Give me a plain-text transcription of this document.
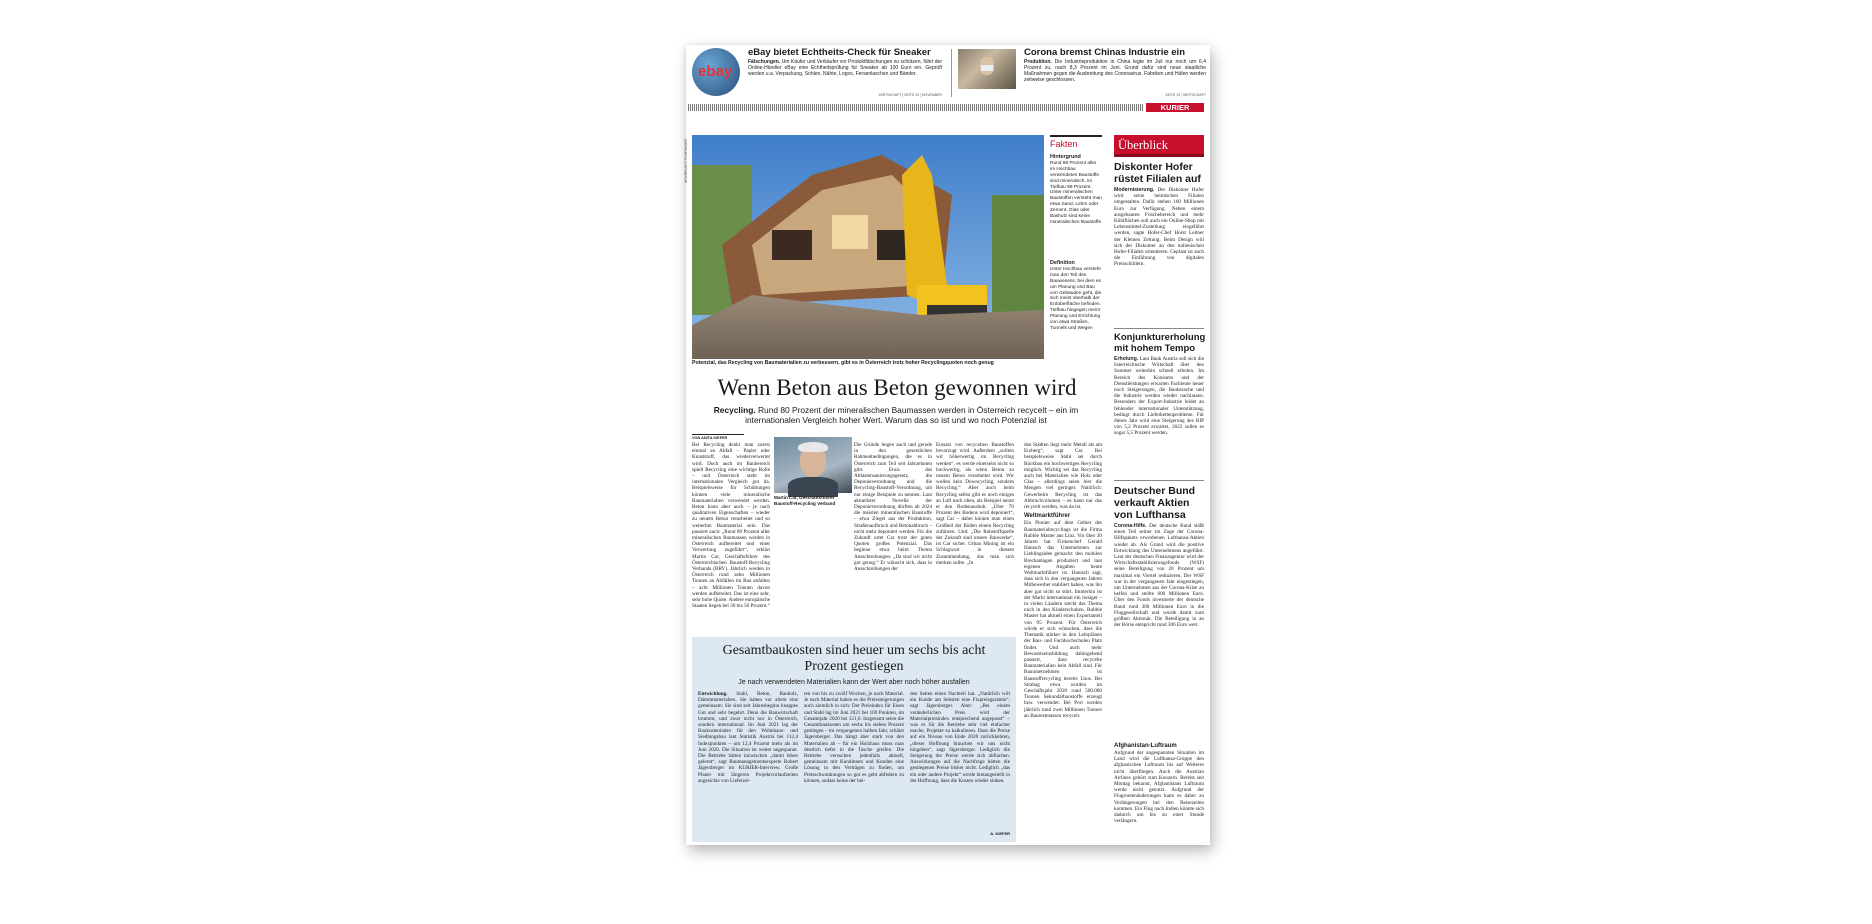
ebay
eBay bietet Echtheits-Check für Sneaker
Fälschungen. Um Käufer und Verkäufer vor Produktfälschungen zu schützen, führt der Online-Händler eBay eine Echtheitsprüfung für Sneaker ab 100 Euro ein. Geprüft werden u.a. Verpackung, Sohlen, Nähte, Logos, Fersenlaschen und Bänder.
WIRTSCHAFT | SEITE 24 | NOVEMBER
Corona bremst Chinas Industrie ein
Produktion. Die Industrieproduktion in China legte im Juli nur noch um 6,4 Prozent zu, nach 8,3 Prozent im Juni. Grund dafür sind neue staatliche Maßnahmen gegen die Ausbreitung des Coronavirus. Fabriken und Häfen werden zeitweise geschlossen.
SEITE 12 | WIRTSCHAFT
KURIER
APA/HELMUT FOHRINGER
Potenzial, das Recycling von Baumaterialien zu verbessern, gibt es in Österreich trotz hoher Recyclingquoten noch genug
Fakten
Hintergrund
Rund 96 Prozent aller im Hochbau verwendeten Baustoffe sind mineralisch, im Tiefbau 99 Prozent. Unter mineralischen Baustoffen versteht man etwa Sand, Lehm oder Zement. Glas oder Basholz sind keine mineralischen Baustoffe
Definition
Unter Hochbau versteht man den Teil des Bauwesens, bei dem es um Planung und Bau von Gebäuden geht, die sich meist oberhalb der Erdoberfläche befinden. Tiefbau hingegen meint Planung und Errichtung von etwa Straßen, Tunnels und Wegen
Wenn Beton aus Beton gewonnen wird
Recycling. Rund 80 Prozent der mineralischen Baumassen werden in Österreich recycelt – ein im internationalen Vergleich hoher Wert. Warum das so ist und wo noch Potenzial ist
VON ANITA KIEFER

Bei Recycling denkt man zuerst einmal an Abfall – Papier oder Kunststoff, das wiederverwertet wird. Doch auch im Baubereich spielt Recycling eine wichtige Rolle – und Österreich steht im internationalen Vergleich gut da. Beispielsweise für Schüttungen können viele mineralische Baumaterialien verwendet werden. Beton kann aber auch – je nach qualitativen Eigenschaften – wieder zu neuem Beton verarbeitet und so weiterhin Baumaterial sein. Das passiert auch: „Rund 80 Prozent aller mineralischen Baumassen werden in Österreich aufbereitet und einer Verwertung zugeführt“, erklärt Martin Car, Geschäftsführer des Österreichischen Baustoff-Recycling Verbands (BRV). Jährlich werden in Österreich rund zehn Millionen Tonnen an Abfällen im Bau anfallen – acht Millionen Tonnen davon werden aufbereitet. Das ist eine sehr, sehr hohe Quote. Andere europäische Staaten liegen bei 30 bis 50 Prozent.“

Martin Car, Geschäftsführer Baustoff-Recycling Verband

Die Gründe liegen auch und gerade in den gesetzlichen Rahmenbedingungen, die es in Österreich zum Teil seit Jahrzehnten gibt. Etwa das Altlastensanierungsgesetz, die Deponieverordnung und die Recycling-Baustoff-Verordnung, um nur einige Beispiele zu nennen. Laut aktuellster Novelle der Deponieverordnung dürften ab 2024 die meisten mineralischen Baustoffe – etwa Ziegel aus der Produktion, Straßenaufbruch und Betonabbruch – nicht mehr deponiert werden. Für die Zukunft ortet Car trotz der guten Quoten großes Potenzial. Das beginne etwa beim Thema Ausschreibungen: „Da sind wir nicht gut genug.“ Er wünscht sich, dass in Ausschreibungen der

Einsatz von recycelten Baustoffen bevorzugt wird. Außerdem „sollten wir höherwertig im Recycling werden“, es werde einerseits nicht so hochwertig, als wenn Beton zu neuem Beton verarbeitet wird. Wir wollen kein Downcycling, sondern Recycling.“ Aber auch beim Recycling selbst gibt es noch einiges an Luft nach oben, als Beispiel nennt er den Bodenaushub. „Über 70 Prozent des Bodens wird deponiert“, sagt Car – dabei könnte man einen Großteil der Böden einem Recycling zuführen. Und: „Die Rohstoffquelle der Zukunft sind unsere Bauwerke“, ist Car sicher. Urban Mining ist ein Schlagwort in diesem Zusammenhang, das man sich merken sollte. „In

den Städten liegt mehr Metall als am Erzberg“, sagt Car. Bei beispielsweise Stahl sei durch Rückbau ein hochwertiges Recycling möglich. Wichtig sei das Recycling auch bei Materialien wie Holz oder Glas – allerdings seien hier die Mengen viel geringer. Natürlich: Gewerbeim Recycling ist das Abbruchvolumen – es kann nur das recycelt werden, was da ist.

Weltmarktführer

Ein Pionier auf dem Gebiet des Baumaterialrecyclings ist die Firma Rubble Master aus Linz. Vor über 30 Jahren hat Firmenchef Gerald Hanisch das Unternehmen zur Lieblingsidee gemacht: den mobilen Brechanlagen produziert und laut eigenen Angaben heute Weltmarktführer ist. Hanisch sagt, dass sich in den vergangenen Jahren Mitbewerber etabliert haben, was ihn aber gar nicht so stört. Immerhin ist der Markt international ein riesiger – in vielen Ländern steckt das Thema noch in den Kinderschuhen. Rubble Master hat aktuell einen Exportanteil von 95 Prozent. Für Österreich würde er sich wünschen, dass die Thematik stärker in den Lehrplänen der Bau- und Fachhochschulen Platz findet. Und auch mehr Bewusstseinsbildung dahingehend passiert, dass recycelte Baumaterialien kein Abfall sind. Für Bauunternehmen ist Baustoffrecycling bereits Usus. Bei Strabag etwa wurden im Geschäftsjahr 2020 rund 500.000 Tonnen Sekundärbaustoffe erzeugt bzw. verwendet. Bei Porr werden jährlich rund zwei Millionen Tonnen an Baurestmassen recycelt.

Gesamtbaukosten sind heuer um sechs bis acht Prozent gestiegen
Je nach verwendeten Materialien kann der Wert aber noch höher ausfallen

Entwicklung. Stahl, Beton, Bauholz, Dämmmaterialien. Sie haben vor allem eins gemeinsam: Sie sind seit Jahresbeginn knappes Gut und sehr begehrt. Denn die Bauwirtschaft brummt, und zwar nicht nur in Österreich, sondern international. Im Juni 2021 lag der Baukostenindex für den Wohnhaus- und Siedlungsbau laut Statistik Austria bei 112,4 Indexpunkten – um 12,4 Prozent mehr als im Juni 2020. Die Situation ist weiter angespannt. Die Betriebe hätten inzwischen „damit leben gelernt“, sagt Baumanagementsexperte Robert Jägersberger im KURIER-Interview. Große Planer mit längeren Projektvorlaufzeiten angesichts von Lieferzei-

ten von bis zu zwölf Wochen, je nach Material. Je nach Material haben es die Preissteigerungen auch ziemlich in sich: Der Preisindex für Eisen und Stahl lag im Juni 2021 bei 169 Punkten, im Gesamtjahr 2020 bei 121,6. Insgesamt seien die Gesamtbaukosten um sechs bis sieben Prozent gestiegen – im vergangenen halben Jahr, schätzt Jägersberger. Das hängt aber stark von den Materialien ab – für ein Holzhaus muss man deutlich tiefer in die Tasche greifen. Die Betriebe versuchen jedenfalls aktuell, gemeinsam mit Kundinnen und Kunden eine Lösung in den Verträgen zu finden, um Preisschwankungen so gut es geht abfedern zu können, sodass keine der bei-

den Seiten einen Nachteil hat. „Natürlich will ein Kunde am liebsten eine Fixpreisgarantie“, sagt Jägersberger. Aber: „Bei einem veränderlichen Preis wird der Materialpreisindex entsprechend angepasst“ – was es für die Betriebe sehr viel einfacher mache, Projekte zu kalkulieren. Dass die Preise auf ein Niveau von Ende 2020 zurückkehren, „dieser Hoffnung brauchen wir uns nicht hingeben“, sagt Jägersberger. Lediglich die Steigerung der Preise werde sich abflachen. Auswirkungen auf die Nachfrage hätten die gestiegenen Preise bisher nicht. Lediglich „das ein oder andere Projekt“ werde hintangestellt in der Hoffnung, dass die Kosten wieder sinken.

A. KIEFER
Überblick
Diskonter Hofer rüstet Filialen auf
Modernisierung. Der Diskonter Hofer wird seine heimischen Filialen umgestalten. Dafür stehen 160 Millionen Euro zur Verfügung. Neben einem ausgebauten Frischebereich und mehr Kühlflächen soll auch ein Online-Shop mit Lebensmittel-Zustellung eingeführt werden, sagte Hofer-Chef Horst Leitner der Kleinen Zeitung. Beim Design will sich der Diskonter an den italienischen Hofer-Filialen orientieren. Geplant ist auch die Einführung von digitalen Preisschildern.
Konjunkturerholung mit hohem Tempo
Erholung. Laut Bank Austria soll sich die österreichische Wirtschaft über den Sommer weiterhin schnell erholen. Im Bereich des Konsums und der Dienstleistungen erwarten Fachleute heuer noch Steigerungen, die Bauberache und die Industrie werden wieder nachlassen. Besonders der Export-Industrie leidet an fehlender internationaler Unterstützung, bedingt durch Lieferkettenprobleme. Für dieses Jahr wird eine Steigerung des BIP von 5,2 Prozent erwartet, 2022 sollen es sogar 5,5 Prozent werden.
Deutscher Bund verkauft Aktien von Lufthansa
Corona-Hilfe. Der deutsche Bund stößt einen Teil seiner im Zuge der Corona-Hilfspakets erworbenen Lufthansa-Aktien wieder ab. Als Grund wird die positive Entwicklung des Unternehmens angeführt. Laut der deutschen Finanzagentur wird der Wirtschaftsstabilisierungsfonds (WSF) seine Beteiligung von 20 Prozent um maximal ein Viertel reduzieren. Der WSF war in der vergangenen Jahr eingestiegen, um Unternehmen aus der Corona-Krise zu helfen und stellte 600 Millionen Euro. Über den Fonds investierte der deutsche Bund rund 300 Millionen Euro in die Fluggesellschaft und wurde damit zum größten Aktionär. Die Beteiligung in an der Börse entspricht rund 306 Euro wert.
Afghanistan-Luftraum
Aufgrund der angespannten Situation im Land wird die Lufthansa-Gruppe den afghanischen Luftraum bis auf Weiteres nicht überfliegen. Auch die Austrian Airlines gehört zum Konzern. Bereits seit Montag bekannt, Afghanistans Luftraum werde nicht genutzt. Aufgrund der Flugroutenänderungen kann es daher zu Verlängerungen bei den Reisezeiten kommen. Ein Flug nach Indien könnte sich dadurch um bis zu einer Stunde verlängern.
